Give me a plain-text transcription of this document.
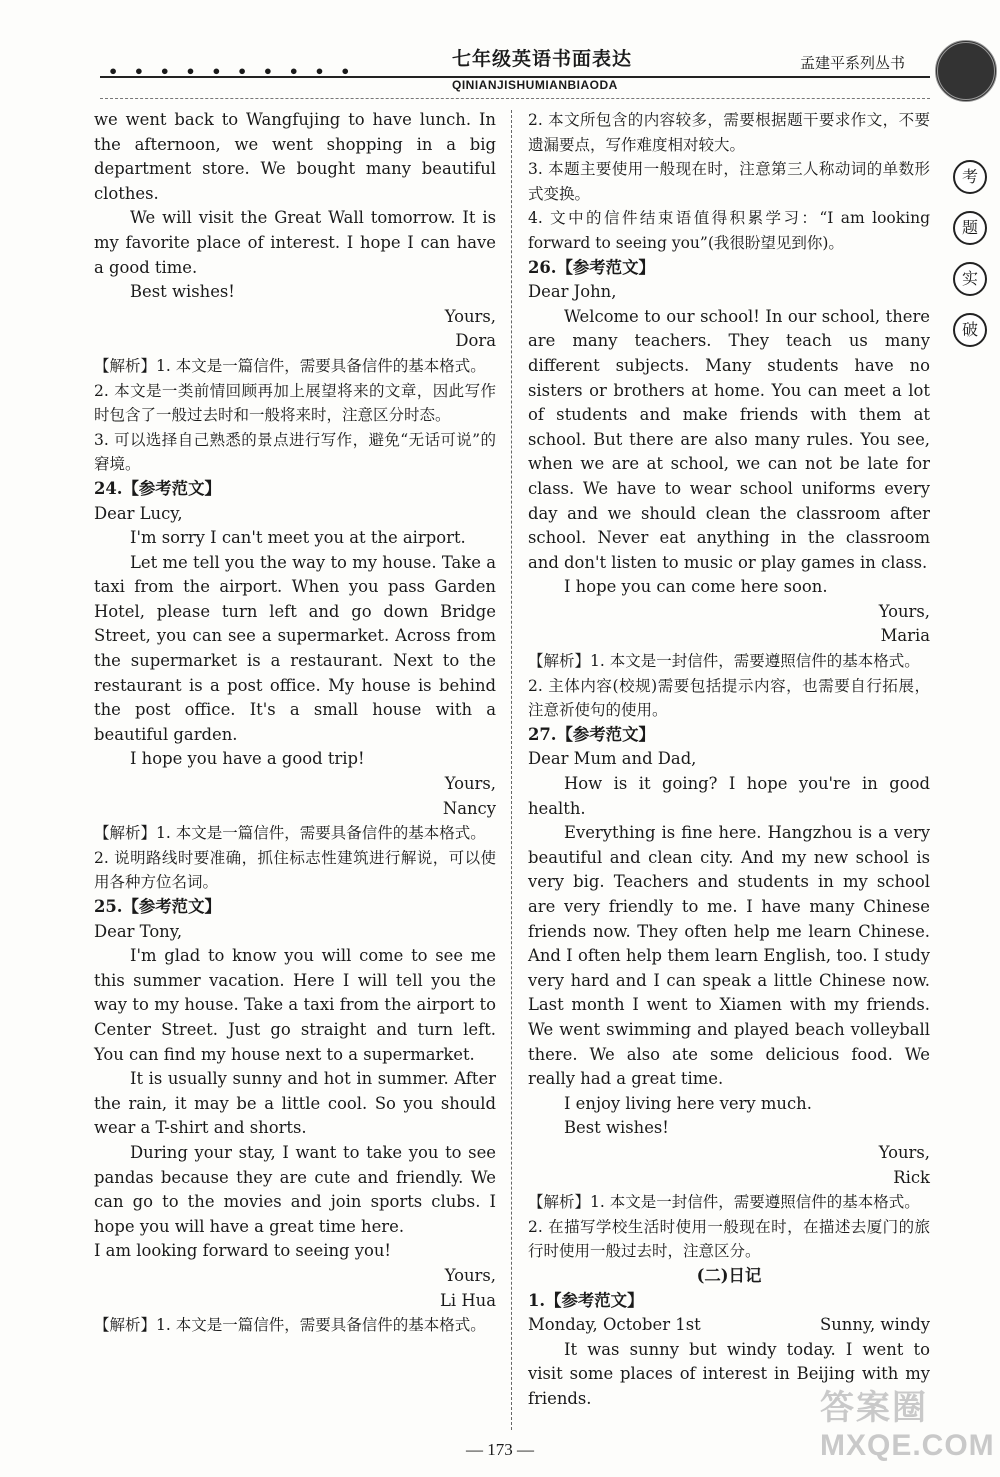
• • • • • • • • • •
七年级英语书面表达
QINIANJISHUMIANBIAODA
孟建平系列丛书
考
题
实
破

we went back to Wangfujing to have lunch. In the afternoon, we went shopping in a big department store. We bought many beautiful clothes.

We will visit the Great Wall tomorrow. It is my favorite place of interest. I hope I can have a good time.

Best wishes!

Yours,

Dora

【解析】1. 本文是一篇信件，需要具备信件的基本格式。

2. 本文是一类前情回顾再加上展望将来的文章，因此写作时包含了一般过去时和一般将来时，注意区分时态。

3. 可以选择自己熟悉的景点进行写作，避免“无话可说”的窘境。

24.【参考范文】

Dear Lucy,

I'm sorry I can't meet you at the airport.

Let me tell you the way to my house. Take a taxi from the airport. When you pass Garden Hotel, please turn left and go down Bridge Street, you can see a supermarket. Across from the supermarket is a restaurant. Next to the restaurant is a post office. My house is behind the post office. It's a small house with a beautiful garden.

I hope you have a good trip!

Yours,

Nancy

【解析】1. 本文是一篇信件，需要具备信件的基本格式。

2. 说明路线时要准确，抓住标志性建筑进行解说，可以使用各种方位名词。

25.【参考范文】

Dear Tony,

I'm glad to know you will come to see me this summer vacation. Here I will tell you the way to my house. Take a taxi from the airport to Center Street. Just go straight and turn left. You can find my house next to a supermarket.

It is usually sunny and hot in summer. After the rain, it may be a little cool. So you should wear a T-shirt and shorts.

During your stay, I want to take you to see pandas because they are cute and friendly. We can go to the movies and join sports clubs. I hope you will have a great time here.

I am looking forward to seeing you!

Yours,

Li Hua

【解析】1. 本文是一篇信件，需要具备信件的基本格式。

2. 本文所包含的内容较多，需要根据题干要求作文，不要遗漏要点，写作难度相对较大。

3. 本题主要使用一般现在时，注意第三人称动词的单数形式变换。

4. 文中的信件结束语值得积累学习：“I am looking forward to seeing you”(我很盼望见到你)。

26.【参考范文】

Dear John,

Welcome to our school! In our school, there are many teachers. They teach us many different subjects. Many students have no sisters or brothers at home. You can meet a lot of students and make friends with them at school. But there are also many rules. You see, when we are at school, we can not be late for class. We have to wear school uniforms every day and we should clean the classroom after school. Never eat anything in the classroom and don't listen to music or play games in class.

I hope you can come here soon.

Yours,

Maria

【解析】1. 本文是一封信件，需要遵照信件的基本格式。

2. 主体内容(校规)需要包括提示内容，也需要自行拓展，注意祈使句的使用。

27.【参考范文】

Dear Mum and Dad,

How is it going? I hope you're in good health.

Everything is fine here. Hangzhou is a very beautiful and clean city. And my new school is very big. Teachers and students in my school are very friendly to me. I have many Chinese friends now. They often help me learn Chinese. And I often help them learn English, too. I study very hard and I can speak a little Chinese now. Last month I went to Xiamen with my friends. We went swimming and played beach volleyball there. We also ate some delicious food. We really had a great time.

I enjoy living here very much.

Best wishes!

Yours,

Rick

【解析】1. 本文是一封信件，需要遵照信件的基本格式。

2. 在描写学校生活时使用一般现在时，在描述去厦门的旅行时使用一般过去时，注意区分。

(二)日记

1.【参考范文】

Monday, October 1st	Sunny, windy

It was sunny but windy today. I went to visit some places of interest in Beijing with my friends.

— 173 —
答案圈
MXQE.COM
